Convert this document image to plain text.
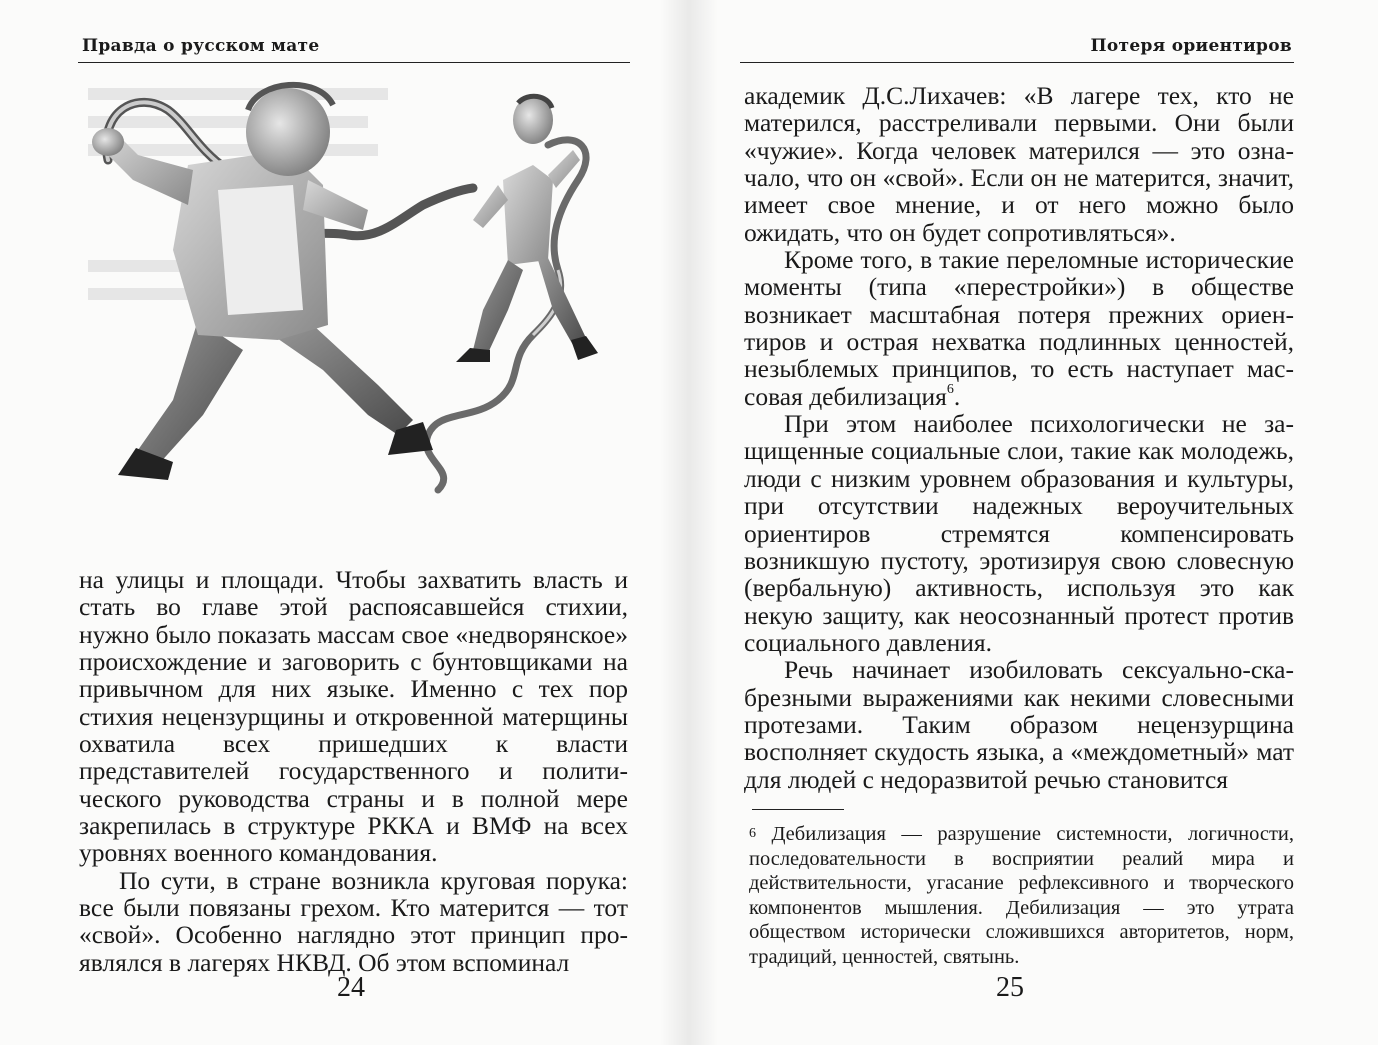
Правда о русском мате

на улицы и площади. Чтобы захватить власть и стать во главе этой распоясавшейся стихии, нужно было показать массам свое «недворянское» происхождение и заговорить с бунтовщиками на привычном для них языке. Именно с тех пор стихия нецензурщины и откровенной матерщины охватила всех пришедших к власти представителей государственного и политического руководства страны и в полной мере закрепилась в структуре РККА и ВМФ на всех уровнях военного командования.

По сути, в стране возникла круговая порука: все были повязаны грехом. Кто матерится — тот «свой». Особенно наглядно этот принцип проявлялся в лагерях НКВД. Об этом вспоминал

24
Потеря ориентиров

академик Д.С.Лихачев: «В лагере тех, кто не матерился, расстреливали первыми. Они были «чужие». Когда человек матерился — это означало, что он «свой». Если он не матерится, значит, имеет свое мнение, и от него можно было ожидать, что он будет сопротивляться».

Кроме того, в такие переломные исторические моменты (типа «перестройки») в обществе возникает масштабная потеря прежних ориентиров и острая нехватка подлинных ценностей, незыблемых принципов, то есть наступает массовая дебилизация$^6$.

При этом наиболее психологически не защищенные социальные слои, такие как молодежь, люди с низким уровнем образования и культуры, при отсутствии надежных вероучительных ориентиров стремятся компенсировать возникшую пустоту, эротизируя свою словесную (вербальную) активность, используя это как некую защиту, как неосознанный протест против социального давления.

Речь начинает изобиловать сексуально-скабрезными выражениями как некими словесными протезами. Таким образом нецензурщина восполняет скудость языка, а «междометный» мат для людей с недоразвитой речью становится

$^6$ Дебилизация — разрушение системности, логичности, последовательности в восприятии реалий мира и действительности, угасание рефлексивного и творческого компонентов мышления. Дебилизация — это утрата обществом исторически сложившихся авторитетов, норм, традиций, ценностей, святынь.
25
